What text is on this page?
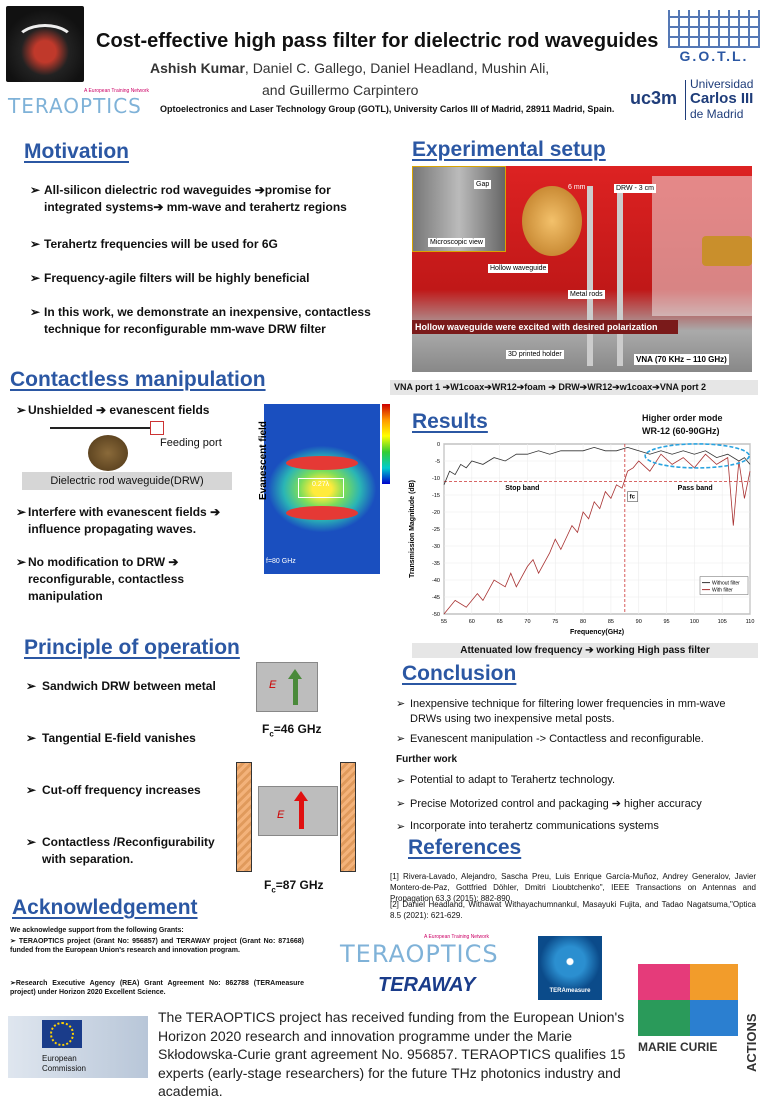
Cost-effective high pass filter for dielectric rod waveguides
G.O.T.L.
Ashish Kumar, Daniel C. Gallego, Daniel Headland, Mushin Ali,
and Guillermo Carpintero
TERAOPTICS
A European Training Network
Optoelectronics and Laser Technology Group (GOTL), University Carlos III of Madrid, 28911 Madrid, Spain.
uc3m
Universidad
Carlos III
de Madrid
Motivation
➢ All-silicon dielectric rod waveguides ➔promise for integrated systems➔ mm-wave and terahertz regions
➢ Terahertz frequencies will be used for 6G
➢ Frequency-agile filters will be highly beneficial
➢ In this work, we demonstrate an inexpensive, contactless technique for reconfigurable mm-wave DRW filter
Experimental setup
Gap	6 mm	DRW - 3 cm
Microscopic view
Hollow waveguide
Metal rods
Hollow waveguide were excited with desired polarization
3D printed holder
VNA (70 KHz – 110 GHz)
VNA port 1 ➔W1coax➔WR12➔foam ➔ DRW➔WR12➔w1coax➔VNA port 2
Contactless manipulation
➢ Unshielded ➔ evanescent fields
Feeding port
Dielectric rod waveguide(DRW)
➢ Interfere with evanescent fields ➔ influence propagating waves.
➢ No modification to DRW ➔ reconfigurable, contactless manipulation
0.27λ
f=80 GHz
Evanescent field	Results	Higher order mode
WR-12 (60-90GHz)
0
-5
-10
-15
-20
-25
-30
-35
-40
-45
-50
55	60	65	70	75	80	85	90	95	100	105	110
Stop band	Pass band
fc
Without filter
With filter
Frequency(GHz)
Transmission Magnitude (dB)
Attenuated low frequency ➔ working High pass filter
Principle of operation
➢ Sandwich DRW between metal
➢ Tangential E-field vanishes
➢ Cut-off frequency increases
➢ Contactless /Reconfigurability with separation.
E
$F_c=46$ GHz
E
$F_c=87$ GHz
Conclusion
➢ Inexpensive technique for filtering lower frequencies in mm-wave DRWs using two inexpensive metal posts.
➢ Evanescent manipulation -> Contactless and reconfigurable.
Further work
➢ Potential to adapt to Terahertz technology.
➢ Precise Motorized control and packaging ➔ higher accuracy
➢ Incorporate into terahertz communications systems
References
[1] Rivera-Lavado, Alejandro, Sascha Preu, Luis Enrique García-Muñoz, Andrey Generalov, Javier Montero-de-Paz, Gottfried Döhler, Dmitri Lioubtchenko", IEEE Transactions on Antennas and Propagation 63.3 (2015): 882-890.
[2] Daniel Headland, Withawat Withayachumnankul, Masayuki Fujita, and Tadao Nagatsuma,"Optica 8.5 (2021): 621-629.
Acknowledgement
We acknowledge support from the following Grants:
➢ TERAOPTICS project (Grant No: 956857) and TERAWAY project (Grant No: 871668) funded from the European Union's research and innovation program.
➢Research Executive Agency (REA) Grant Agreement No: 862788 (TERAmeasure project) under Horizon 2020 Excellent Science.
TERAOPTICS
A European Training Network
TERAWAY	TERAmeasure
MARIE CURIE ACTIONS
European
Commission
The TERAOPTICS project has received funding from the European Union's Horizon 2020 research and innovation programme under the Marie Skłodowska-Curie grant agreement No. 956857. TERAOPTICS qualifies 15 experts (early-stage researchers) for the future THz photonics industry and academia.
